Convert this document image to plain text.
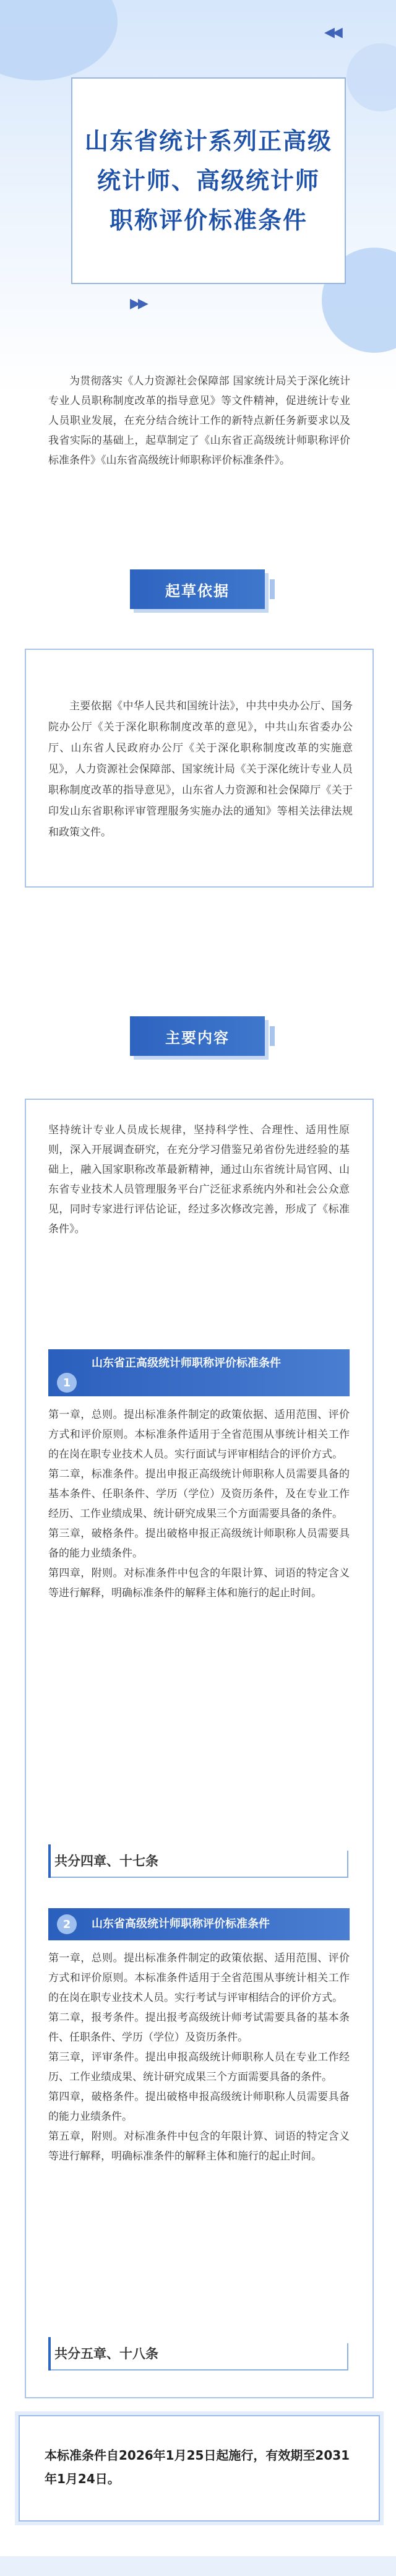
◀◀
▶▶
山东省统计系列正高级
统计师、高级统计师
职称评价标准条件
为贯彻落实《人力资源社会保障部 国家统计局关于深化统计专业人员职称制度改革的指导意见》等文件精神，促进统计专业人员职业发展，在充分结合统计工作的新特点新任务新要求以及我省实际的基础上，起草制定了《山东省正高级统计师职称评价标准条件》《山东省高级统计师职称评价标准条件》。
起草依据
主要依据《中华人民共和国统计法》，中共中央办公厅、国务院办公厅《关于深化职称制度改革的意见》，中共山东省委办公厅、山东省人民政府办公厅《关于深化职称制度改革的实施意见》，人力资源社会保障部、国家统计局《关于深化统计专业人员职称制度改革的指导意见》，山东省人力资源和社会保障厅《关于印发山东省职称评审管理服务实施办法的通知》等相关法律法规和政策文件。
主要内容
坚持统计专业人员成长规律，坚持科学性、合理性、适用性原则，深入开展调查研究，在充分学习借鉴兄弟省份先进经验的基础上，融入国家职称改革最新精神，通过山东省统计局官网、山东省专业技术人员管理服务平台广泛征求系统内外和社会公众意见，同时专家进行评估论证，经过多次修改完善，形成了《标准条件》。
1
山东省正高级统计师职称评价标准条件
第一章，总则。提出标准条件制定的政策依据、适用范围、评价方式和评价原则。本标准条件适用于全省范围从事统计相关工作的在岗在职专业技术人员。实行面试与评审相结合的评价方式。
第二章，标准条件。提出申报正高级统计师职称人员需要具备的基本条件、任职条件、学历（学位）及资历条件，及在专业工作经历、工作业绩成果、统计研究成果三个方面需要具备的条件。
第三章，破格条件。提出破格申报正高级统计师职称人员需要具备的能力业绩条件。
第四章，附则。对标准条件中包含的年限计算、词语的特定含义等进行解释，明确标准条件的解释主体和施行的起止时间。
共分四章、十七条
2	山东省高级统计师职称评价标准条件
第一章，总则。提出标准条件制定的政策依据、适用范围、评价方式和评价原则。本标准条件适用于全省范围从事统计相关工作的在岗在职专业技术人员。实行考试与评审相结合的评价方式。
第二章，报考条件。提出报考高级统计师考试需要具备的基本条件、任职条件、学历（学位）及资历条件。
第三章，评审条件。提出申报高级统计师职称人员在专业工作经历、工作业绩成果、统计研究成果三个方面需要具备的条件。
第四章，破格条件。提出破格申报高级统计师职称人员需要具备的能力业绩条件。
第五章，附则。对标准条件中包含的年限计算、词语的特定含义等进行解释，明确标准条件的解释主体和施行的起止时间。
共分五章、十八条
本标准条件自2026年1月25日起施行，有效期至2031年1月24日。
